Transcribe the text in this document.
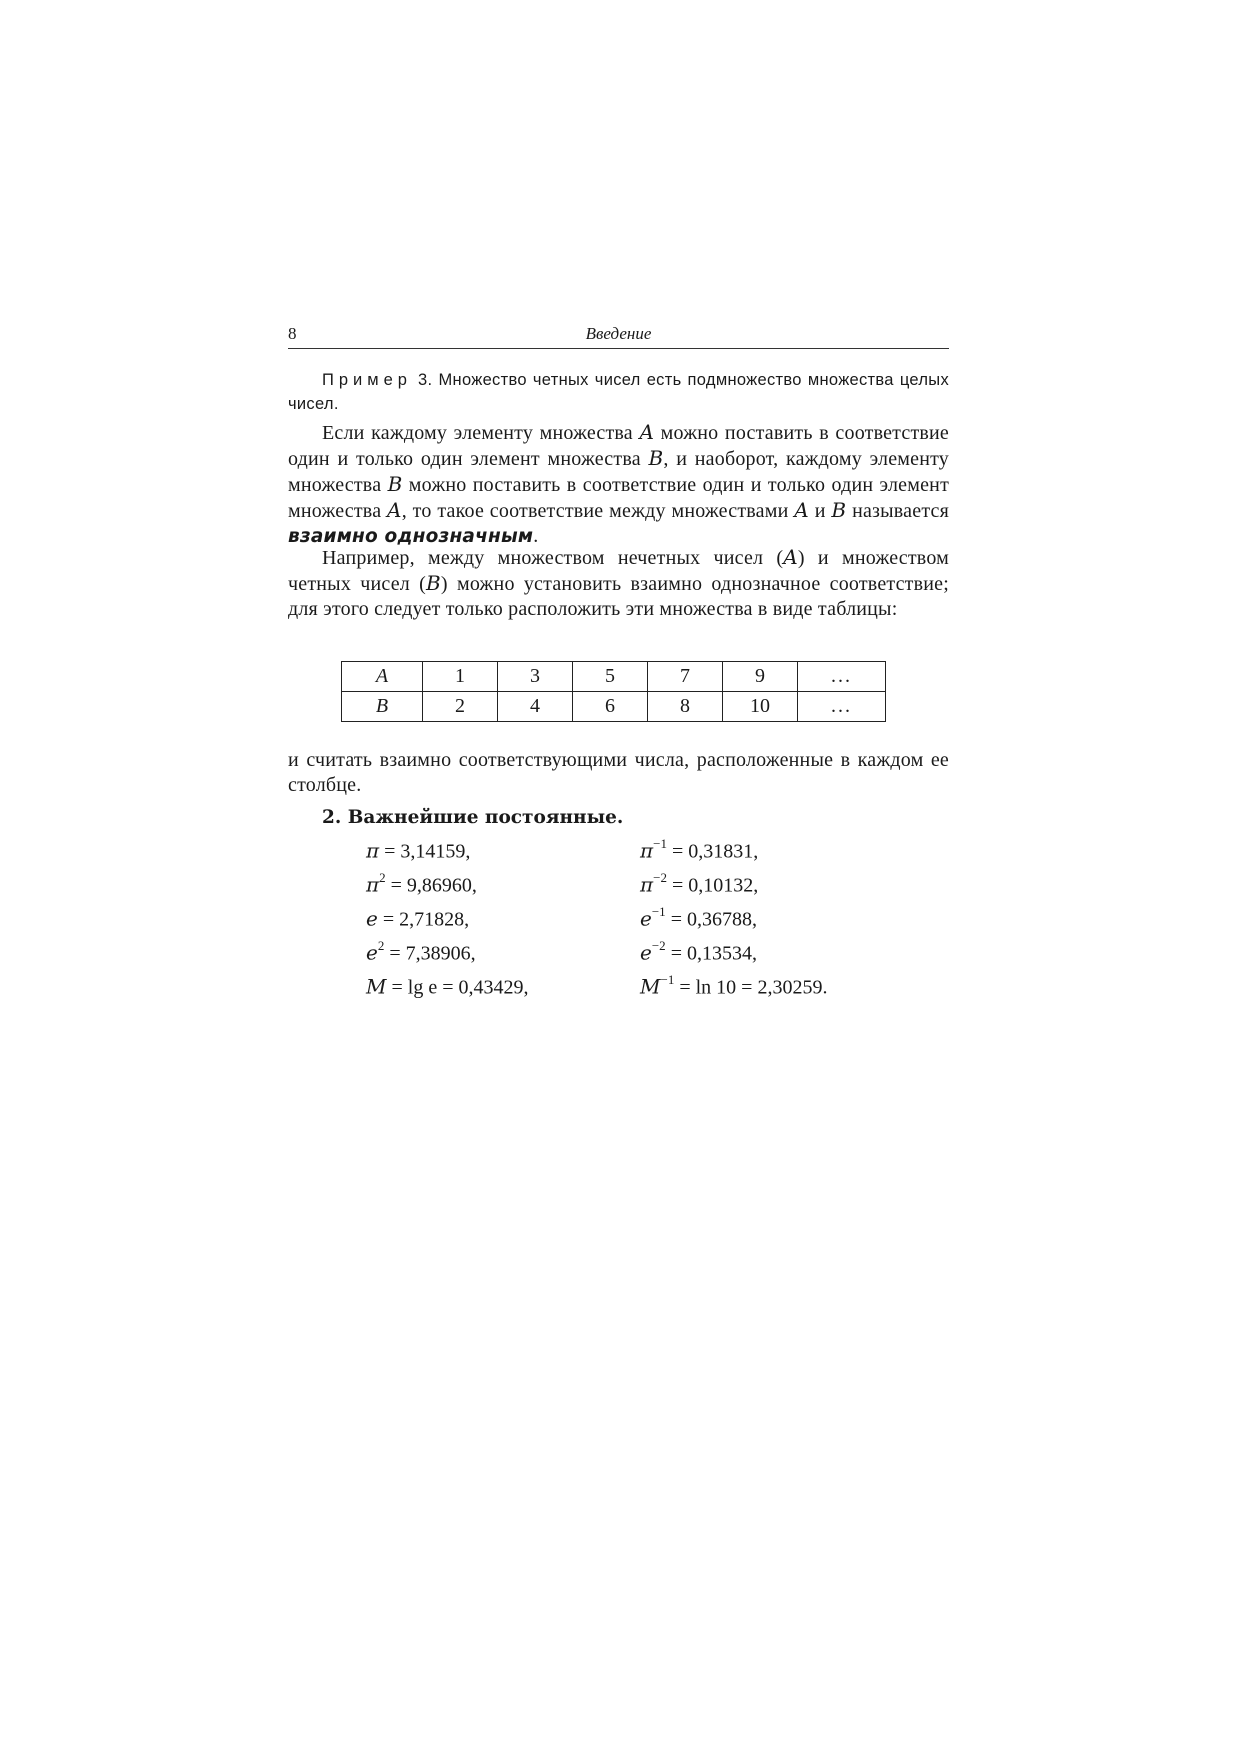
8	Введение

Пример 3. Множество четных чисел есть подмножество множества целых чисел.

Если каждому элементу множества A можно поставить в соответствие один и только один элемент множества B, и наоборот, каждому элементу множества B можно поставить в соответствие один и только один элемент множества A, то такое соответствие между множествами A и B называется взаимно однозначным.

Например, между множеством нечетных чисел (A) и множеством четных чисел (B) можно установить взаимно однозначное соответствие; для этого следует только расположить эти множества в виде таблицы:

A	1	3	5	7	9	...
B	2	4	6	8	10	...

и считать взаимно соответствующими числа, расположенные в каждом ее столбце.

2. Важнейшие постоянные.
π = 3,14159,	$\pi^{-1} = 0,31831$,
$\pi^2 = 9,86960$,	$\pi^{-2} = 0,10132$,
e = 2,71828,	$e^{-1} = 0,36788$,
$e^2 = 7,38906$,	$e^{-2} = 0,13534$,
M = lg e = 0,43429,	$M^{-1} = \ln 10 = 2,30259$.
